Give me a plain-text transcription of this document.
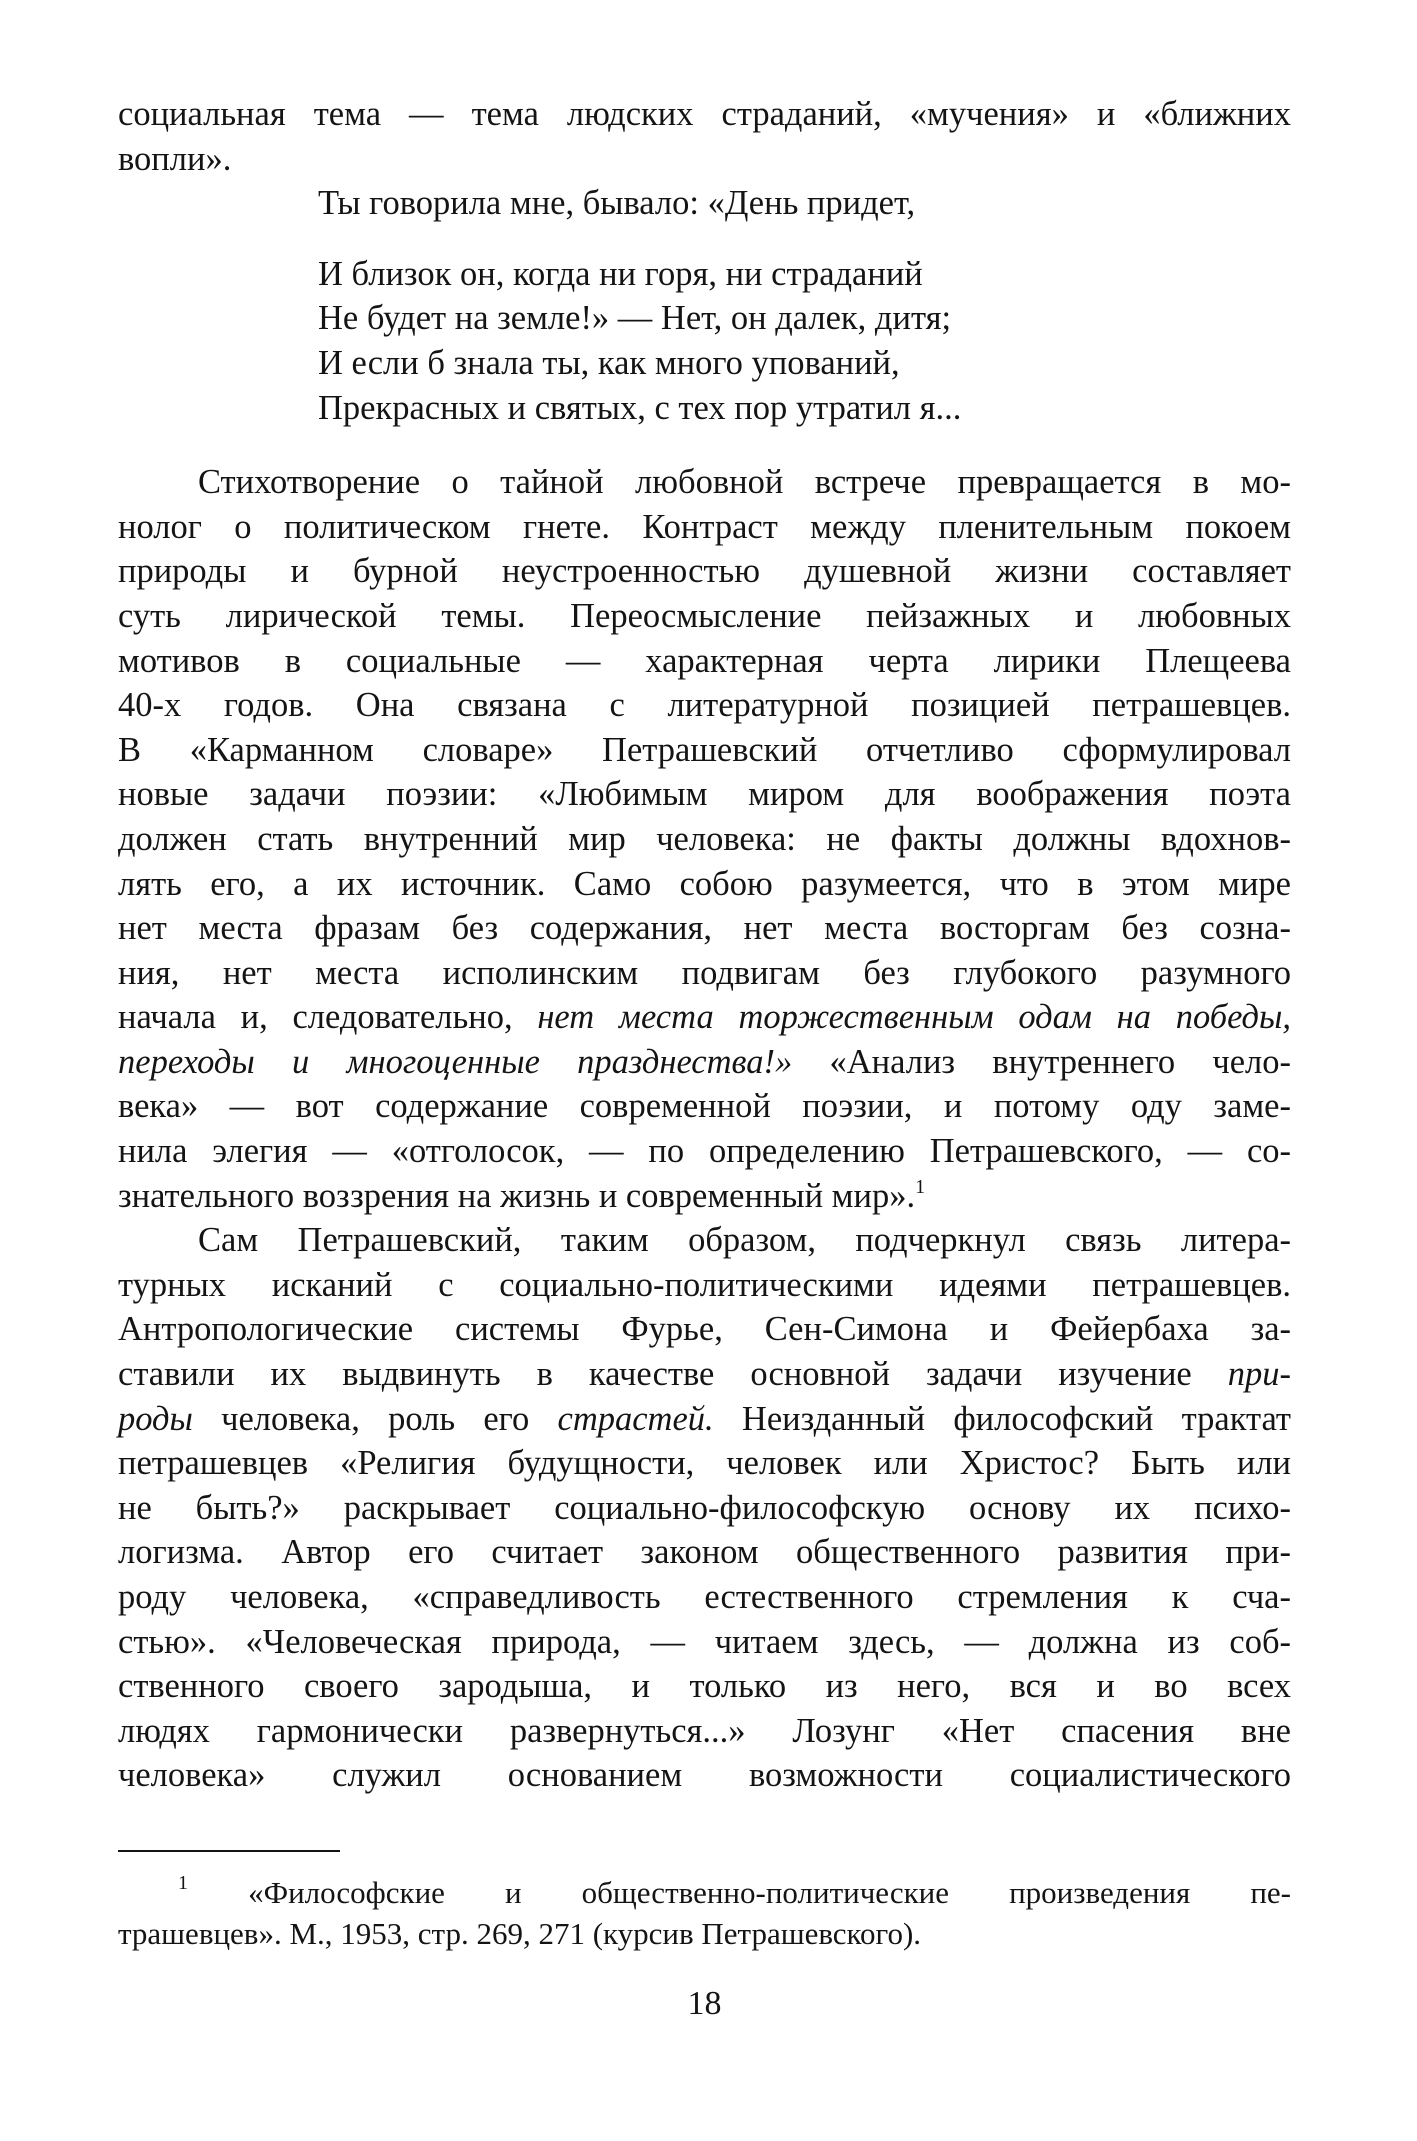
социальная тема — тема людских страданий, «мучения» и «ближних
вопли».
Ты говорила мне, бывало: «День придет,
И близок он, когда ни горя, ни страданий
Не будет на земле!» — Нет, он далек, дитя;
И если б знала ты, как много упований,
Прекрасных и святых, с тех пор утратил я...
Стихотворение о тайной любовной встрече превращается в мо-
нолог о политическом гнете. Контраст между пленительным покоем
природы и бурной неустроенностью душевной жизни составляет
суть лирической темы. Переосмысление пейзажных и любовных
мотивов в социальные — характерная черта лирики Плещеева
40-х годов. Она связана с литературной позицией петрашевцев.
В «Карманном словаре» Петрашевский отчетливо сформулировал
новые задачи поэзии: «Любимым миром для воображения поэта
должен стать внутренний мир человека: не факты должны вдохнов-
лять его, а их источник. Само собою разумеется, что в этом мире
нет места фразам без содержания, нет места восторгам без созна-
ния, нет места исполинским подвигам без глубокого разумного
начала и, следовательно, нет места торжественным одам на победы,
переходы и многоценные празднества!» «Анализ внутреннего чело-
века» — вот содержание современной поэзии, и потому оду заме-
нила элегия — «отголосок, — по определению Петрашевского, — со-
знательного воззрения на жизнь и современный мир».$^1$
Сам Петрашевский, таким образом, подчеркнул связь литера-
турных исканий с социально-политическими идеями петрашевцев.
Антропологические системы Фурье, Сен-Симона и Фейербаха за-
ставили их выдвинуть в качестве основной задачи изучение при-
роды человека, роль его страстей. Неизданный философский трактат
петрашевцев «Религия будущности, человек или Христос? Быть или
не быть?» раскрывает социально-философскую основу их психо-
логизма. Автор его считает законом общественного развития при-
роду человека, «справедливость естественного стремления к сча-
стью». «Человеческая природа, — читаем здесь, — должна из соб-
ственного своего зародыша, и только из него, вся и во всех
людях гармонически развернуться...» Лозунг «Нет спасения вне
человека» служил основанием возможности социалистического
$^1$ «Философские и общественно-политические произведения пе-
трашевцев». М., 1953, стр. 269, 271 (курсив Петрашевского).
18
